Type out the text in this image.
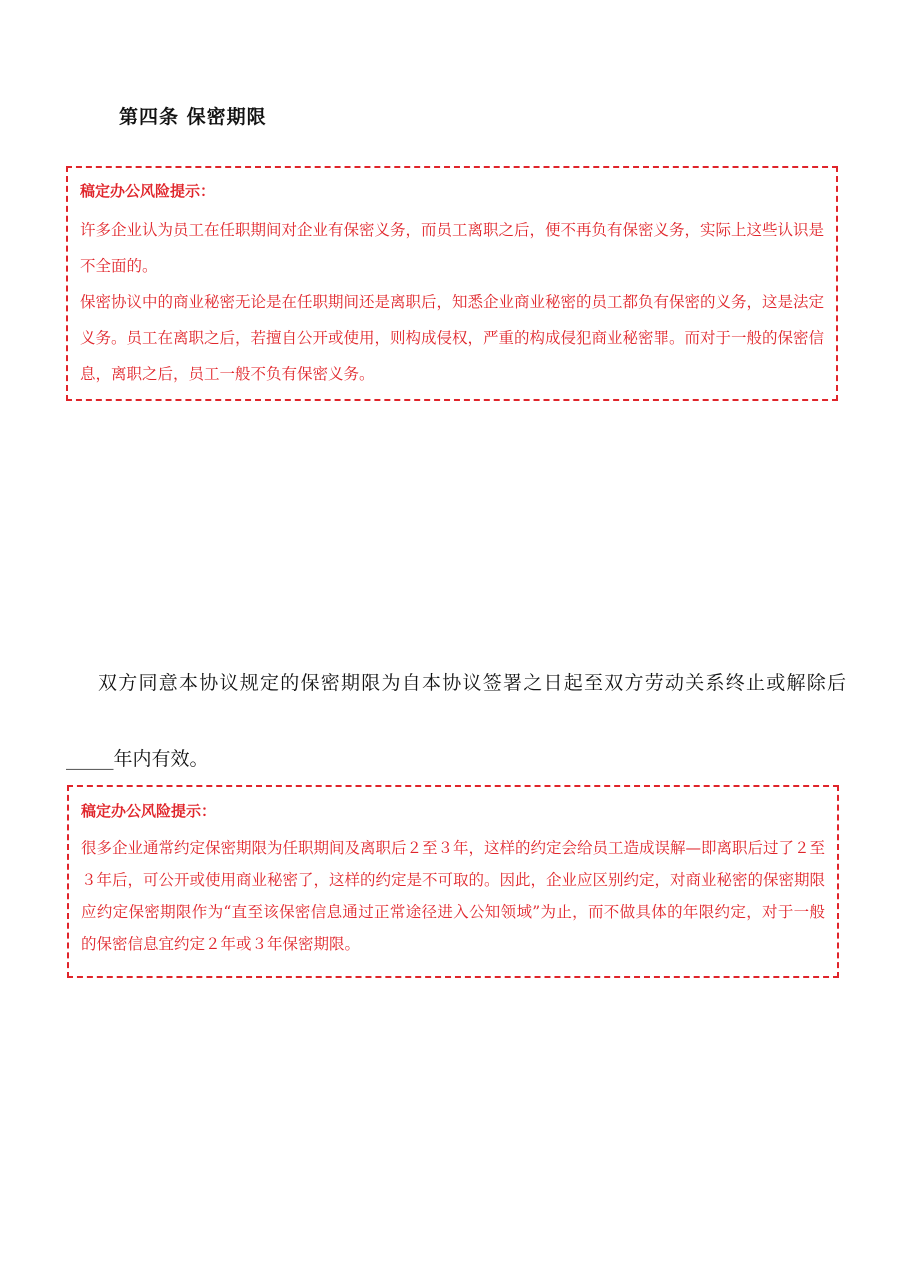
第四条 保密期限
稿定办公风险提示：

许多企业认为员工在任职期间对企业有保密义务，而员工离职之后，便不再负有保密义务，实际上这些认识是不全面的。

保密协议中的商业秘密无论是在任职期间还是离职后，知悉企业商业秘密的员工都负有保密的义务，这是法定义务。员工在离职之后，若擅自公开或使用，则构成侵权，严重的构成侵犯商业秘密罪。而对于一般的保密信息，离职之后，员工一般不负有保密义务。

双方同意本协议规定的保密期限为自本协议签署之日起至双方劳动关系终止或解除后_____年内有效。

稿定办公风险提示：

很多企业通常约定保密期限为任职期间及离职后２至３年，这样的约定会给员工造成误解—即离职后过了２至３年后，可公开或使用商业秘密了，这样的约定是不可取的。因此，企业应区别约定，对商业秘密的保密期限应约定保密期限作为“直至该保密信息通过正常途径进入公知领域”为止，而不做具体的年限约定，对于一般的保密信息宜约定２年或３年保密期限。
